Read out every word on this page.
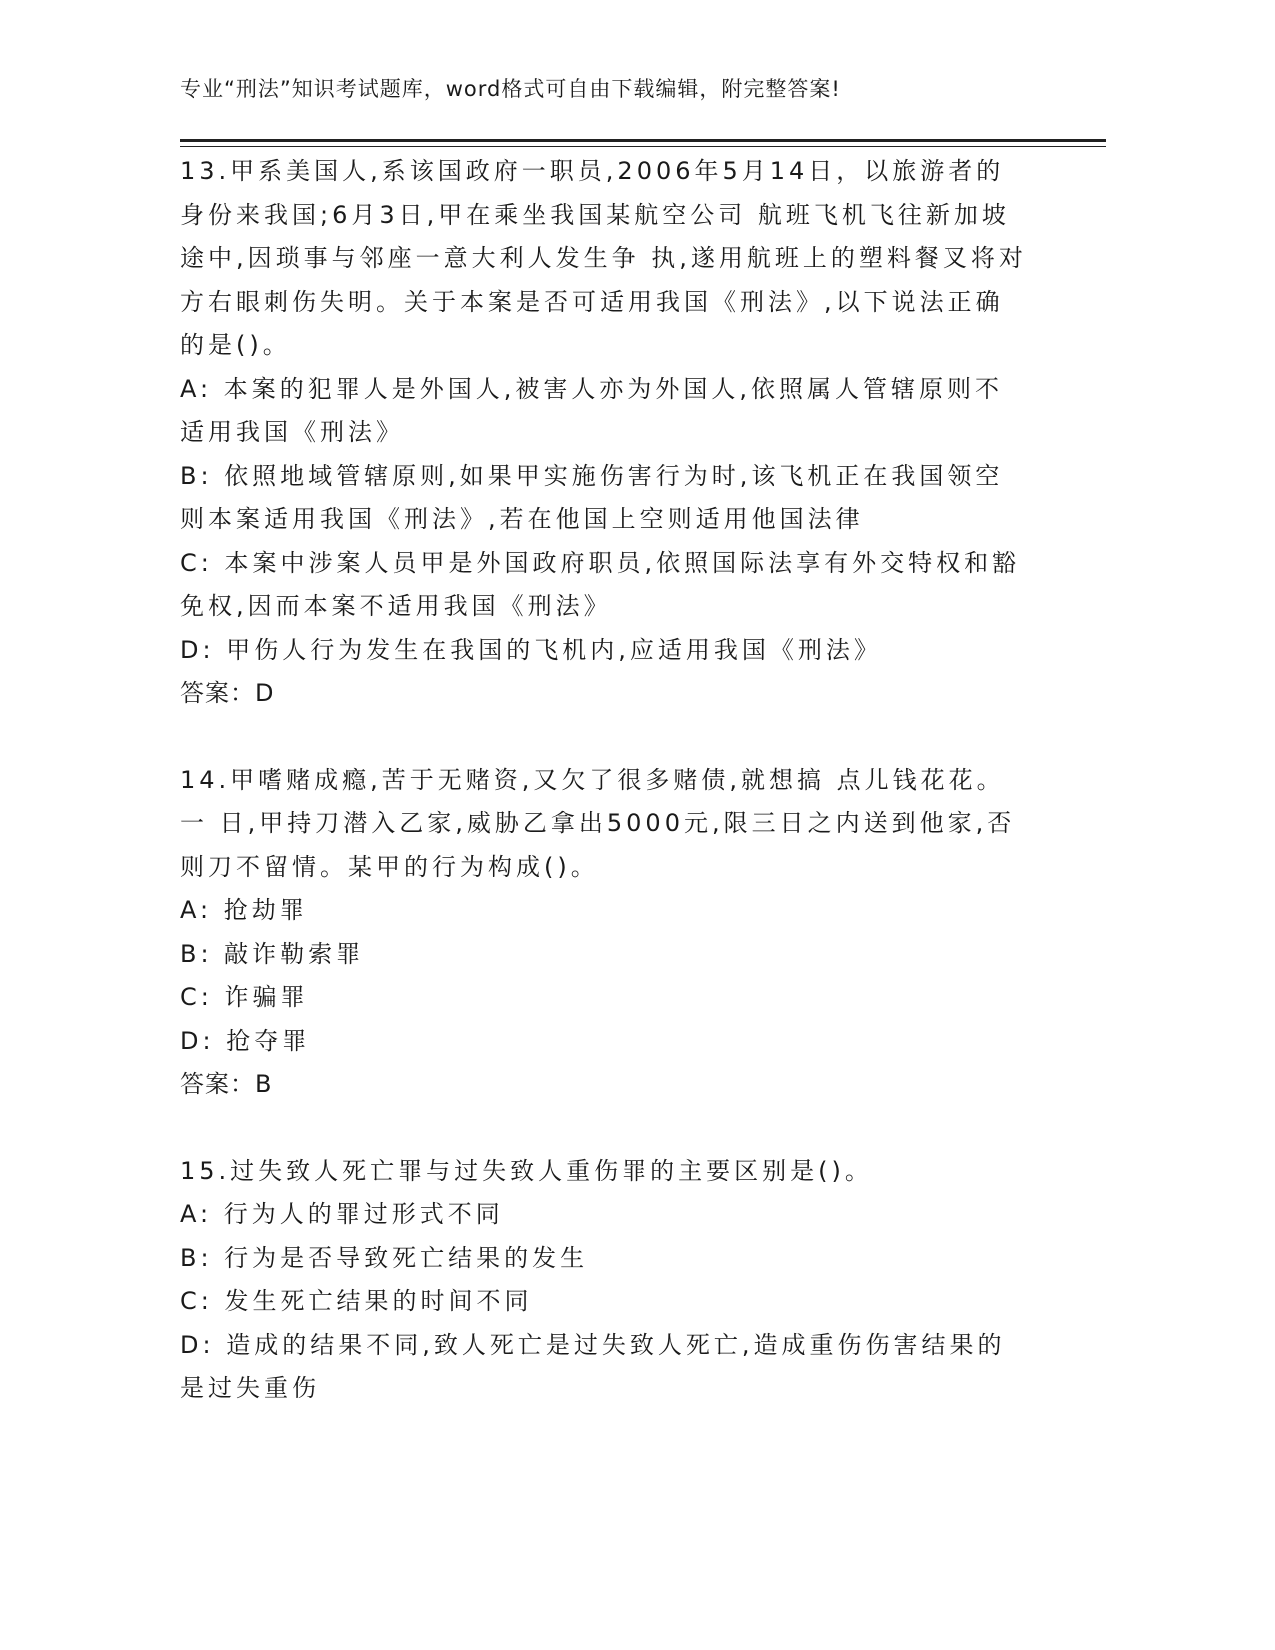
专业“刑法”知识考试题库，word格式可自由下载编辑，附完整答案!

13.甲系美国人,系该国政府一职员,2006年5月14日，以旅游者的身份来我国;6月3日,甲在乘坐我国某航空公司 航班飞机飞往新加坡途中,因琐事与邻座一意大利人发生争 执,遂用航班上的塑料餐叉将对方右眼刺伤失明。关于本案是否可适用我国《刑法》,以下说法正确的是()。

A: 本案的犯罪人是外国人,被害人亦为外国人,依照属人管辖原则不适用我国《刑法》

B: 依照地域管辖原则,如果甲实施伤害行为时,该飞机正在我国领空则本案适用我国《刑法》,若在他国上空则适用他国法律

C: 本案中涉案人员甲是外国政府职员,依照国际法享有外交特权和豁免权,因而本案不适用我国《刑法》

D: 甲伤人行为发生在我国的飞机内,应适用我国《刑法》

答案：D

14.甲嗜赌成瘾,苦于无赌资,又欠了很多赌债,就想搞 点儿钱花花。一 日,甲持刀潜入乙家,威胁乙拿出5000元,限三日之内送到他家,否则刀不留情。某甲的行为构成()。

A: 抢劫罪

B: 敲诈勒索罪

C: 诈骗罪

D: 抢夺罪

答案：B

15.过失致人死亡罪与过失致人重伤罪的主要区别是()。

A: 行为人的罪过形式不同

B: 行为是否导致死亡结果的发生

C: 发生死亡结果的时间不同

D: 造成的结果不同,致人死亡是过失致人死亡,造成重伤伤害结果的是过失重伤
